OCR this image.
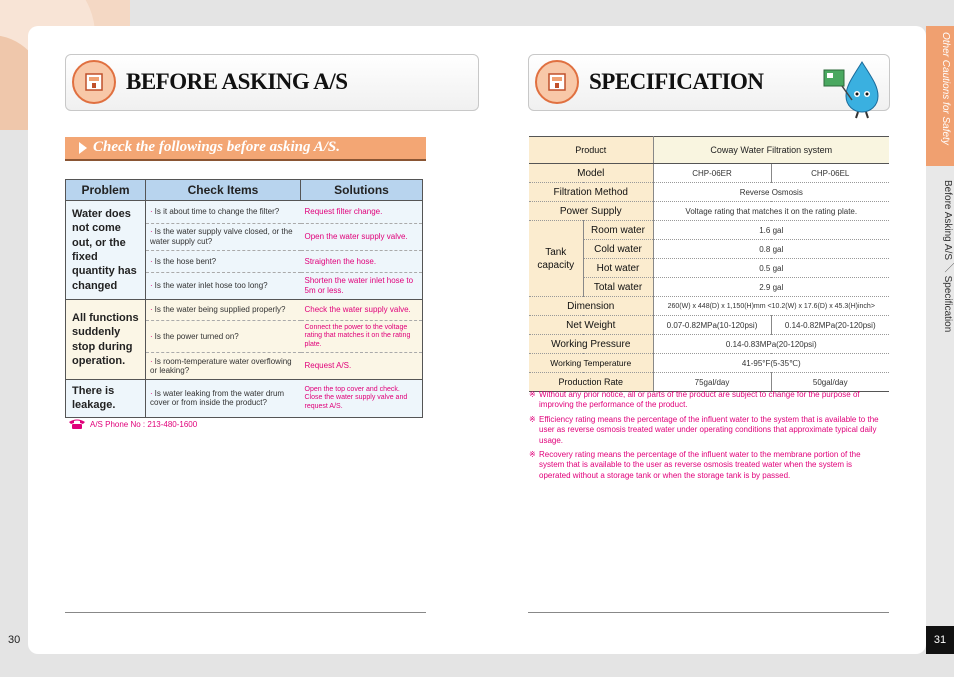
Other Cautions for Safety
Before Asking A/S ／ Specification
30	31
BEFORE ASKING A/S	SPECIFICATION
Check the followings before asking A/S.
Problem	Check Items	Solutions
Water does not come out, or the fixed quantity has changed	· Is it about time to change the filter?	Request filter change.
	· Is the water supply valve closed, or the water supply cut?	Open the water supply valve.
	· Is the hose bent?	Straighten the hose.
	· Is the water inlet hose too long?	Shorten the water inlet hose to 5m or less.
All functions suddenly stop during operation.	· Is the water being supplied properly?	Check the water supply valve.
	· Is the power turned on?	Connect the power to the voltage rating that matches it on the rating plate.
	· Is room-temperature water overflowing or leaking?	Request A/S.
There is leakage.	· Is water leaking from the water drum cover or from inside the product?	Open the top cover and check. Close the water supply valve and request A/S.
A/S Phone No : 213-480-1600
Product		Coway Water Filtration system	
Model		CHP-06ER	CHP-06EL
Filtration Method		Reverse Osmosis	
Power Supply		Voltage rating that matches it on the rating plate.	
Tank capacity	Room water	1.6 gal	
	Cold water	0.8 gal	
	Hot water	0.5 gal	
	Total water	2.9 gal	
Dimension		260(W) x 448(D) x 1,150(H)mm <10.2(W) x 17.6(D) x 45.3(H)inch>	
Net Weight		0.07-0.82MPa(10-120psi)	0.14-0.82MPa(20-120psi)
Working Pressure		0.14-0.83MPa(20-120psi)	
Working Temperature		41-95°F(5-35℃)	
Production Rate		75gal/day	50gal/day
※ Without any prior notice, all or parts of the product are subject to change for the purpose of improving the performance of the product.
※ Efficiency rating means the percentage of the influent water to the system that is available to the user as reverse osmosis treated water under operating conditions that approximate typical daily usage.
※ Recovery rating means the percentage of the influent water to the membrane portion of the system that is available to the user as reverse osmosis treated water when the system is operated without a storage tank or when the storage tank is by passed.
